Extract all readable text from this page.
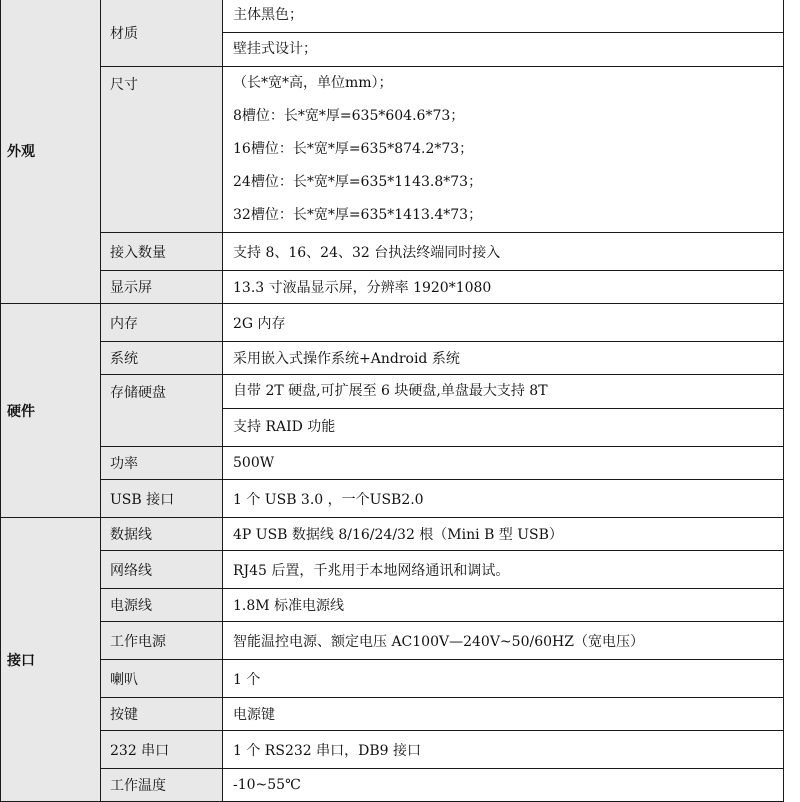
外观	材质	主体黑色；

		壁挂式设计；

	尺寸	（长*宽*高，单位mm）；
8槽位：长*宽*厚=635*604.6*73；
16槽位：长*宽*厚=635*874.2*73；
24槽位：长*宽*厚=635*1143.8*73；
32槽位：长*宽*厚=635*1413.4*73；

	接入数量	支持 8、16、24、32 台执法终端同时接入
	显示屏	13.3 寸液晶显示屏，分辨率 1920*1080
硬件	内存	2G 内存
	系统	采用嵌入式操作系统+Android 系统
	存储硬盘	自带 2T 硬盘,可扩展至 6 块硬盘,单盘最大支持 8T

		支持 RAID 功能

	功率	500W
	USB 接口	1 个 USB 3.0 ，一个USB2.0
接口	数据线	4P USB 数据线 8/16/24/32 根（Mini B 型 USB）
	网络线	RJ45 后置，千兆用于本地网络通讯和调试。
	电源线	1.8M 标准电源线
	工作电源	智能温控电源、额定电压 AC100V—240V~50/60HZ（宽电压）
	喇叭	1 个
	按键	电源键
	232 串口	1 个 RS232 串口，DB9 接口
	工作温度	-10~55℃
